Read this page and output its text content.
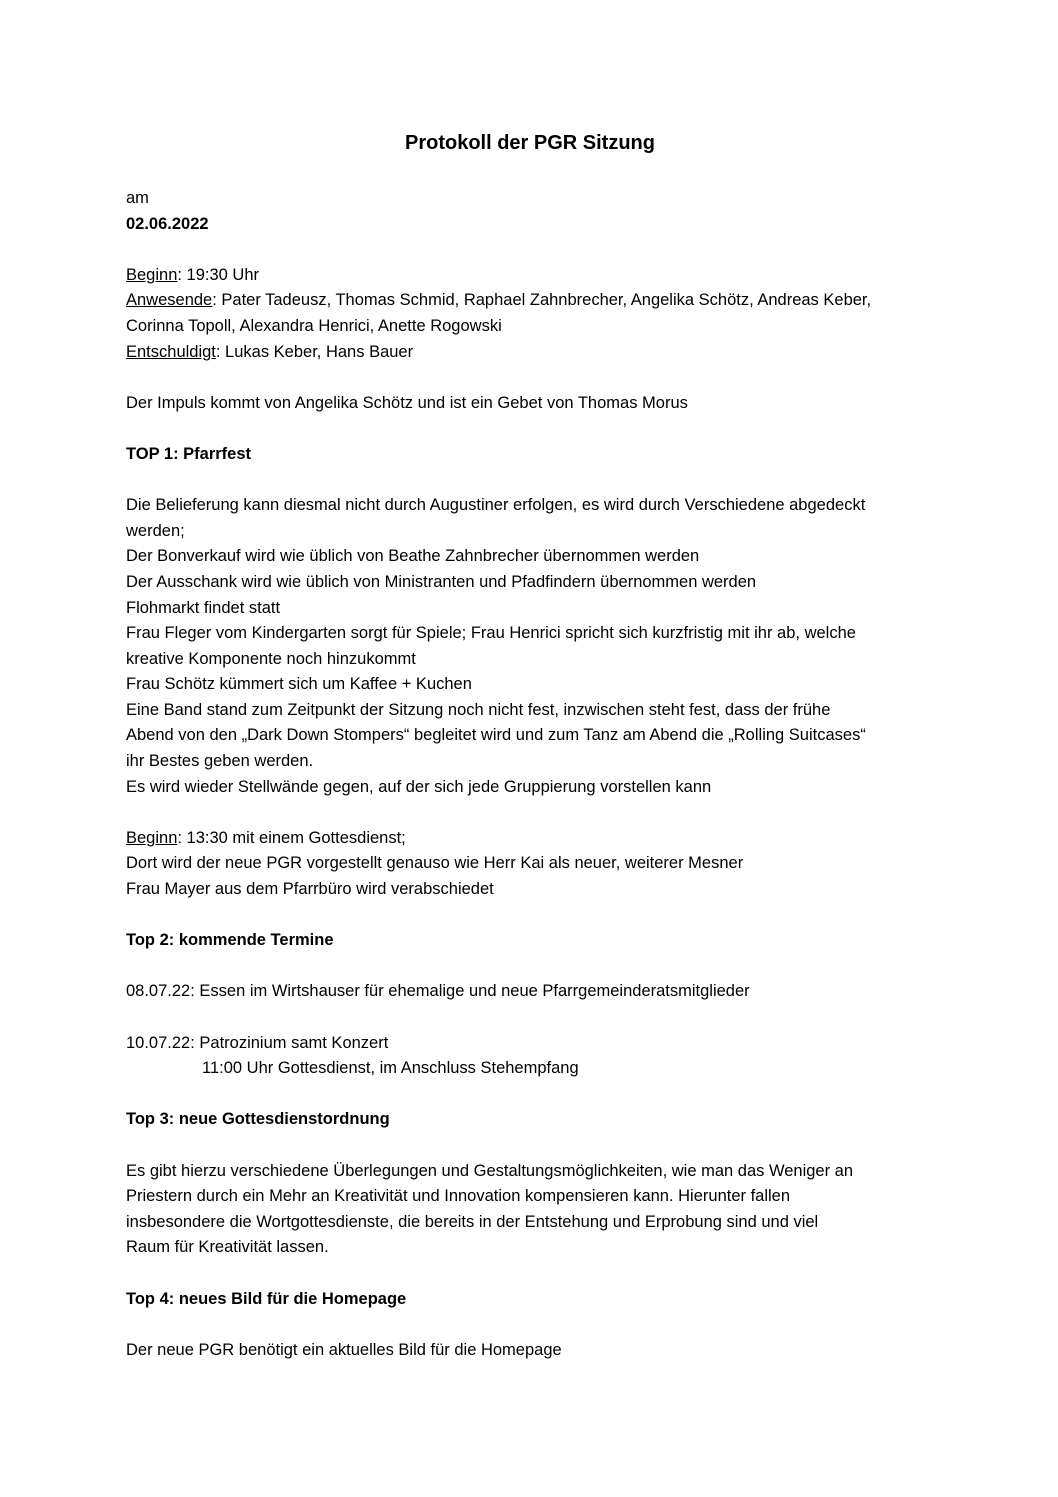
Protokoll der PGR Sitzung
am
02.06.2022
Beginn: 19:30 Uhr
Anwesende: Pater Tadeusz, Thomas Schmid, Raphael Zahnbrecher, Angelika Schötz, Andreas Keber,
Corinna Topoll, Alexandra Henrici, Anette Rogowski
Entschuldigt: Lukas Keber, Hans Bauer
Der Impuls kommt von Angelika Schötz und ist ein Gebet von Thomas Morus
TOP 1: Pfarrfest
Die Belieferung kann diesmal nicht durch Augustiner erfolgen, es wird durch Verschiedene abgedeckt
werden;
Der Bonverkauf wird wie üblich von Beathe Zahnbrecher übernommen werden
Der Ausschank wird wie üblich von Ministranten und Pfadfindern übernommen werden
Flohmarkt findet statt
Frau Fleger vom Kindergarten sorgt für Spiele; Frau Henrici spricht sich kurzfristig mit ihr ab, welche
kreative Komponente noch hinzukommt
Frau Schötz kümmert sich um Kaffee + Kuchen
Eine Band stand zum Zeitpunkt der Sitzung noch nicht fest, inzwischen steht fest, dass der frühe
Abend von den „Dark Down Stompers“ begleitet wird und zum Tanz am Abend die „Rolling Suitcases“
ihr Bestes geben werden.
Es wird wieder Stellwände gegen, auf der sich jede Gruppierung vorstellen kann
Beginn: 13:30 mit einem Gottesdienst;
Dort wird der neue PGR vorgestellt genauso wie Herr Kai als neuer, weiterer Mesner
Frau Mayer aus dem Pfarrbüro wird verabschiedet
Top 2: kommende Termine
08.07.22: Essen im Wirtshauser für ehemalige und neue Pfarrgemeinderatsmitglieder
10.07.22: Patrozinium samt Konzert
11:00 Uhr Gottesdienst, im Anschluss Stehempfang
Top 3: neue Gottesdienstordnung
Es gibt hierzu verschiedene Überlegungen und Gestaltungsmöglichkeiten, wie man das Weniger an
Priestern durch ein Mehr an Kreativität und Innovation kompensieren kann. Hierunter fallen
insbesondere die Wortgottesdienste, die bereits in der Entstehung und Erprobung sind und viel
Raum für Kreativität lassen.
Top 4: neues Bild für die Homepage
Der neue PGR benötigt ein aktuelles Bild für die Homepage
